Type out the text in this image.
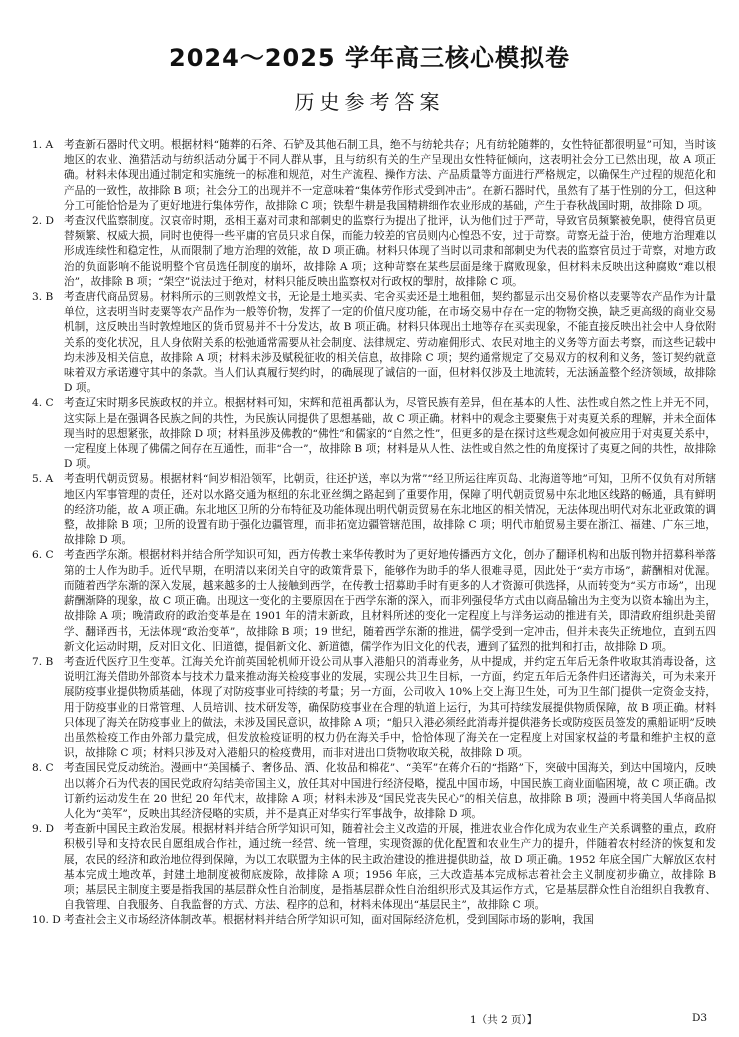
2024～2025 学年高三核心模拟卷
历史参考答案
1. A	考查新石器时代文明。根据材料“随葬的石斧、石铲及其他石制工具，绝不与纺轮共存；凡有纺轮随葬的，女性特征都很明显”可知，当时该地区的农业、渔猎活动与纺织活动分属于不同人群从事，且与纺织有关的生产呈现出女性特征倾向，这表明社会分工已然出现，故 A 项正确。材料未体现出通过制定和实施统一的标准和规范，对生产流程、操作方法、产品质量等方面进行严格规定，以确保生产过程的规范化和产品的一致性，故排除 B 项；社会分工的出现并不一定意味着“集体劳作形式受到冲击”。在新石器时代，虽然有了基于性别的分工，但这种分工可能恰恰是为了更好地进行集体劳作，故排除 C 项；铁犁牛耕是我国精耕细作农业形成的基础，产生于春秋战国时期，故排除 D 项。
2. D 考查汉代监察制度。汉哀帝时期，丞相王嘉对司隶和部刺史的监察行为提出了批评，认为他们过于严苛，导致官员频繁被免职，使得官员更替频繁、权威大损，同时也使得一些平庸的官员只求自保，而能力较差的官员则内心惶恐不安，过于苛察。苛察无益于治，使地方治理难以形成连续性和稳定性，从而限制了地方治理的效能，故 D 项正确。材料只体现了当时以司隶和部刺史为代表的监察官员过于苛察，对地方政治的负面影响不能说明整个官员选任制度的崩坏，故排除 A 项；这种苛察在某些层面是缘于腐败现象，但材料未反映出这种腐败“难以根治”，故排除 B 项；“架空”说法过于绝对，材料只能反映出监察权对行政权的掣肘，故排除 C 项。
3. B	考查唐代商品贸易。材料所示的三则敦煌文书，无论是土地买卖、宅舍买卖还是土地租佃，契约都显示出交易价格以麦粟等农产品作为计量单位，这表明当时麦粟等农产品作为一般等价物，发挥了一定的价值尺度功能，在市场交易中存在一定的物物交换，缺乏更高级的商业交易机制，这反映出当时敦煌地区的货币贸易并不十分发达，故 B 项正确。材料只体现出土地等存在买卖现象，不能直接反映出社会中人身依附关系的变化状况，且人身依附关系的松弛通常需要从社会制度、法律规定、劳动雇佣形式、农民对地主的义务等方面去考察，而这些记载中均未涉及相关信息，故排除 A 项；材料未涉及赋税征收的相关信息，故排除 C 项；契约通常规定了交易双方的权利和义务，签订契约就意味着双方承诺遵守其中的条款。当人们认真履行契约时，的确展现了诚信的一面，但材料仅涉及土地流转，无法涵盖整个经济领域，故排除 D 项。
4. C 考查辽宋时期多民族政权的并立。根据材料可知，宋辉和范祖禹都认为，尽管民族有差异，但在基本的人性、法性或自然之性上并无不同，这实际上是在强调各民族之间的共性，为民族认同提供了思想基础，故 C 项正确。材料中的观念主要聚焦于对夷夏关系的理解，并未全面体现当时的思想紧张，故排除 D 项；材料虽涉及佛教的“佛性”和儒家的“自然之性”，但更多的是在探讨这些观念如何被应用于对夷夏关系中，一定程度上体现了佛儒之间存在互通性，而非“合一”，故排除 B 项；材料是从人性、法性或自然之性的角度探讨了夷夏之间的共性，故排除 D 项。
5. A	考查明代朝贡贸易。根据材料“间岁相沿领军，比朝贡，往还护送，率以为常”“经卫所运往库页岛、北海道等地”可知，卫所不仅负有对所辖地区内军事管理的责任，还对以水路交通为枢纽的东北亚丝绸之路起到了重要作用，保障了明代朝贡贸易中东北地区线路的畅通，具有鲜明的经济功能，故 A 项正确。东北地区卫所的分布特征及功能体现出明代朝贡贸易在东北地区的相关情况，无法体现出明代对东北亚政策的调整，故排除 B 项；卫所的设置有助于强化边疆管理，而非拓宽边疆管辖范围，故排除 C 项；明代市舶贸易主要在浙江、福建、广东三地，故排除 D 项。
6. C 考查西学东渐。根据材料并结合所学知识可知，西方传教士来华传教时为了更好地传播西方文化，创办了翻译机构和出版刊物并招募科举落第的士人作为助手。近代早期，在明清以来闭关自守的政策背景下，能够作为助手的华人很难寻觅，因此处于“卖方市场”，薪酬相对优渥。而随着西学东渐的深入发展，越来越多的士人接触到西学，在传教士招募助手时有更多的人才资源可供选择，从而转变为“买方市场”，出现薪酬渐降的现象，故 C 项正确。出现这一变化的主要原因在于西学东渐的深入，而非列强侵华方式由以商品输出为主变为以资本输出为主，故排除 A 项；晚清政府的政治变革是在 1901 年的清末新政，且材料所述的变化一定程度上与洋务运动的推进有关，即清政府组织赴美留学、翻译西书，无法体现“政治变革”，故排除 B 项；19 世纪，随着西学东渐的推进，儒学受到一定冲击，但并未丧失正统地位，直到五四新文化运动时期，反对旧文化、旧道德，提倡新文化、新道德，儒学作为旧文化的代表，遭到了猛烈的批判和打击，故排除 D 项。
7. B	考查近代医疗卫生变革。江海关允许前英国轮机师开设公司从事入港船只的消毒业务，从中提成，并约定五年后无条件收取其消毒设备，这说明江海关借助外部资本与技术力量来推动海关检疫事业的发展，实现公共卫生目标，一方面，约定五年后无条件归还诸海关，可为未来开展防疫事业提供物质基础，体现了对防疫事业可持续的考量；另一方面，公司收入 10%上交上海卫生处，可为卫生部门提供一定资金支持，用于防疫事业的日常管理、人员培训、技术研发等，确保防疫事业在合理的轨道上运行，为其可持续发展提供物质保障，故 B 项正确。材料只体现了海关在防疫事业上的做法，未涉及国民意识，故排除 A 项；“船只入港必须经此消毒并提供港务长或防疫医员签发的熏船证明”反映出虽然检疫工作由外部力量完成，但发放检疫证明的权力仍在海关手中，恰恰体现了海关在一定程度上对国家权益的考量和维护主权的意识，故排除 C 项；材料只涉及对入港船只的检疫费用，而非对进出口货物收取关税，故排除 D 项。
8. C 考查国民党反动统治。漫画中“美国橘子、奢侈品、酒、化妆品和棉花”、“美军”在蒋介石的“指路”下，突破中国海关，到达中国境内，反映出以蒋介石为代表的国民党政府勾结美帝国主义，放任其对中国进行经济侵略，搅乱中国市场，中国民族工商业面临困境，故 C 项正确。改订新约运动发生在 20 世纪 20 年代末，故排除 A 项；材料未涉及“国民党丧失民心”的相关信息，故排除 B 项；漫画中将美国人华商品拟人化为“美军”，反映出其经济侵略的实质，并不是真正对华实行军事战争，故排除 D 项。
9. D 考查新中国民主政治发展。根据材料并结合所学知识可知，随着社会主义改造的开展，推进农业合作化成为农业生产关系调整的重点，政府积极引导和支持农民自愿组成合作社，通过统一经营、统一管理，实现资源的优化配置和农业生产力的提升，伴随着农村经济的恢复和发展，农民的经济和政治地位得到保障，为以工农联盟为主体的民主政治建设的推进提供助益，故 D 项正确。1952 年底全国广大解放区农村基本完成土地改革，封建土地制度被彻底废除，故排除 A 项；1956 年底，三大改造基本完成标志着社会主义制度初步确立，故排除 B 项；基层民主制度主要是指我国的基层群众性自治制度，是指基层群众性自治组织形式及其运作方式，它是基层群众性自治组织自我教育、自我管理、自我服务、自我监督的方式、方法、程序的总和，材料未体现出“基层民主”，故排除 C 项。
10. D 考查社会主义市场经济体制改革。根据材料并结合所学知识可知，面对国际经济危机，受到国际市场的影响，我国
1（共 2 页）】	D3
